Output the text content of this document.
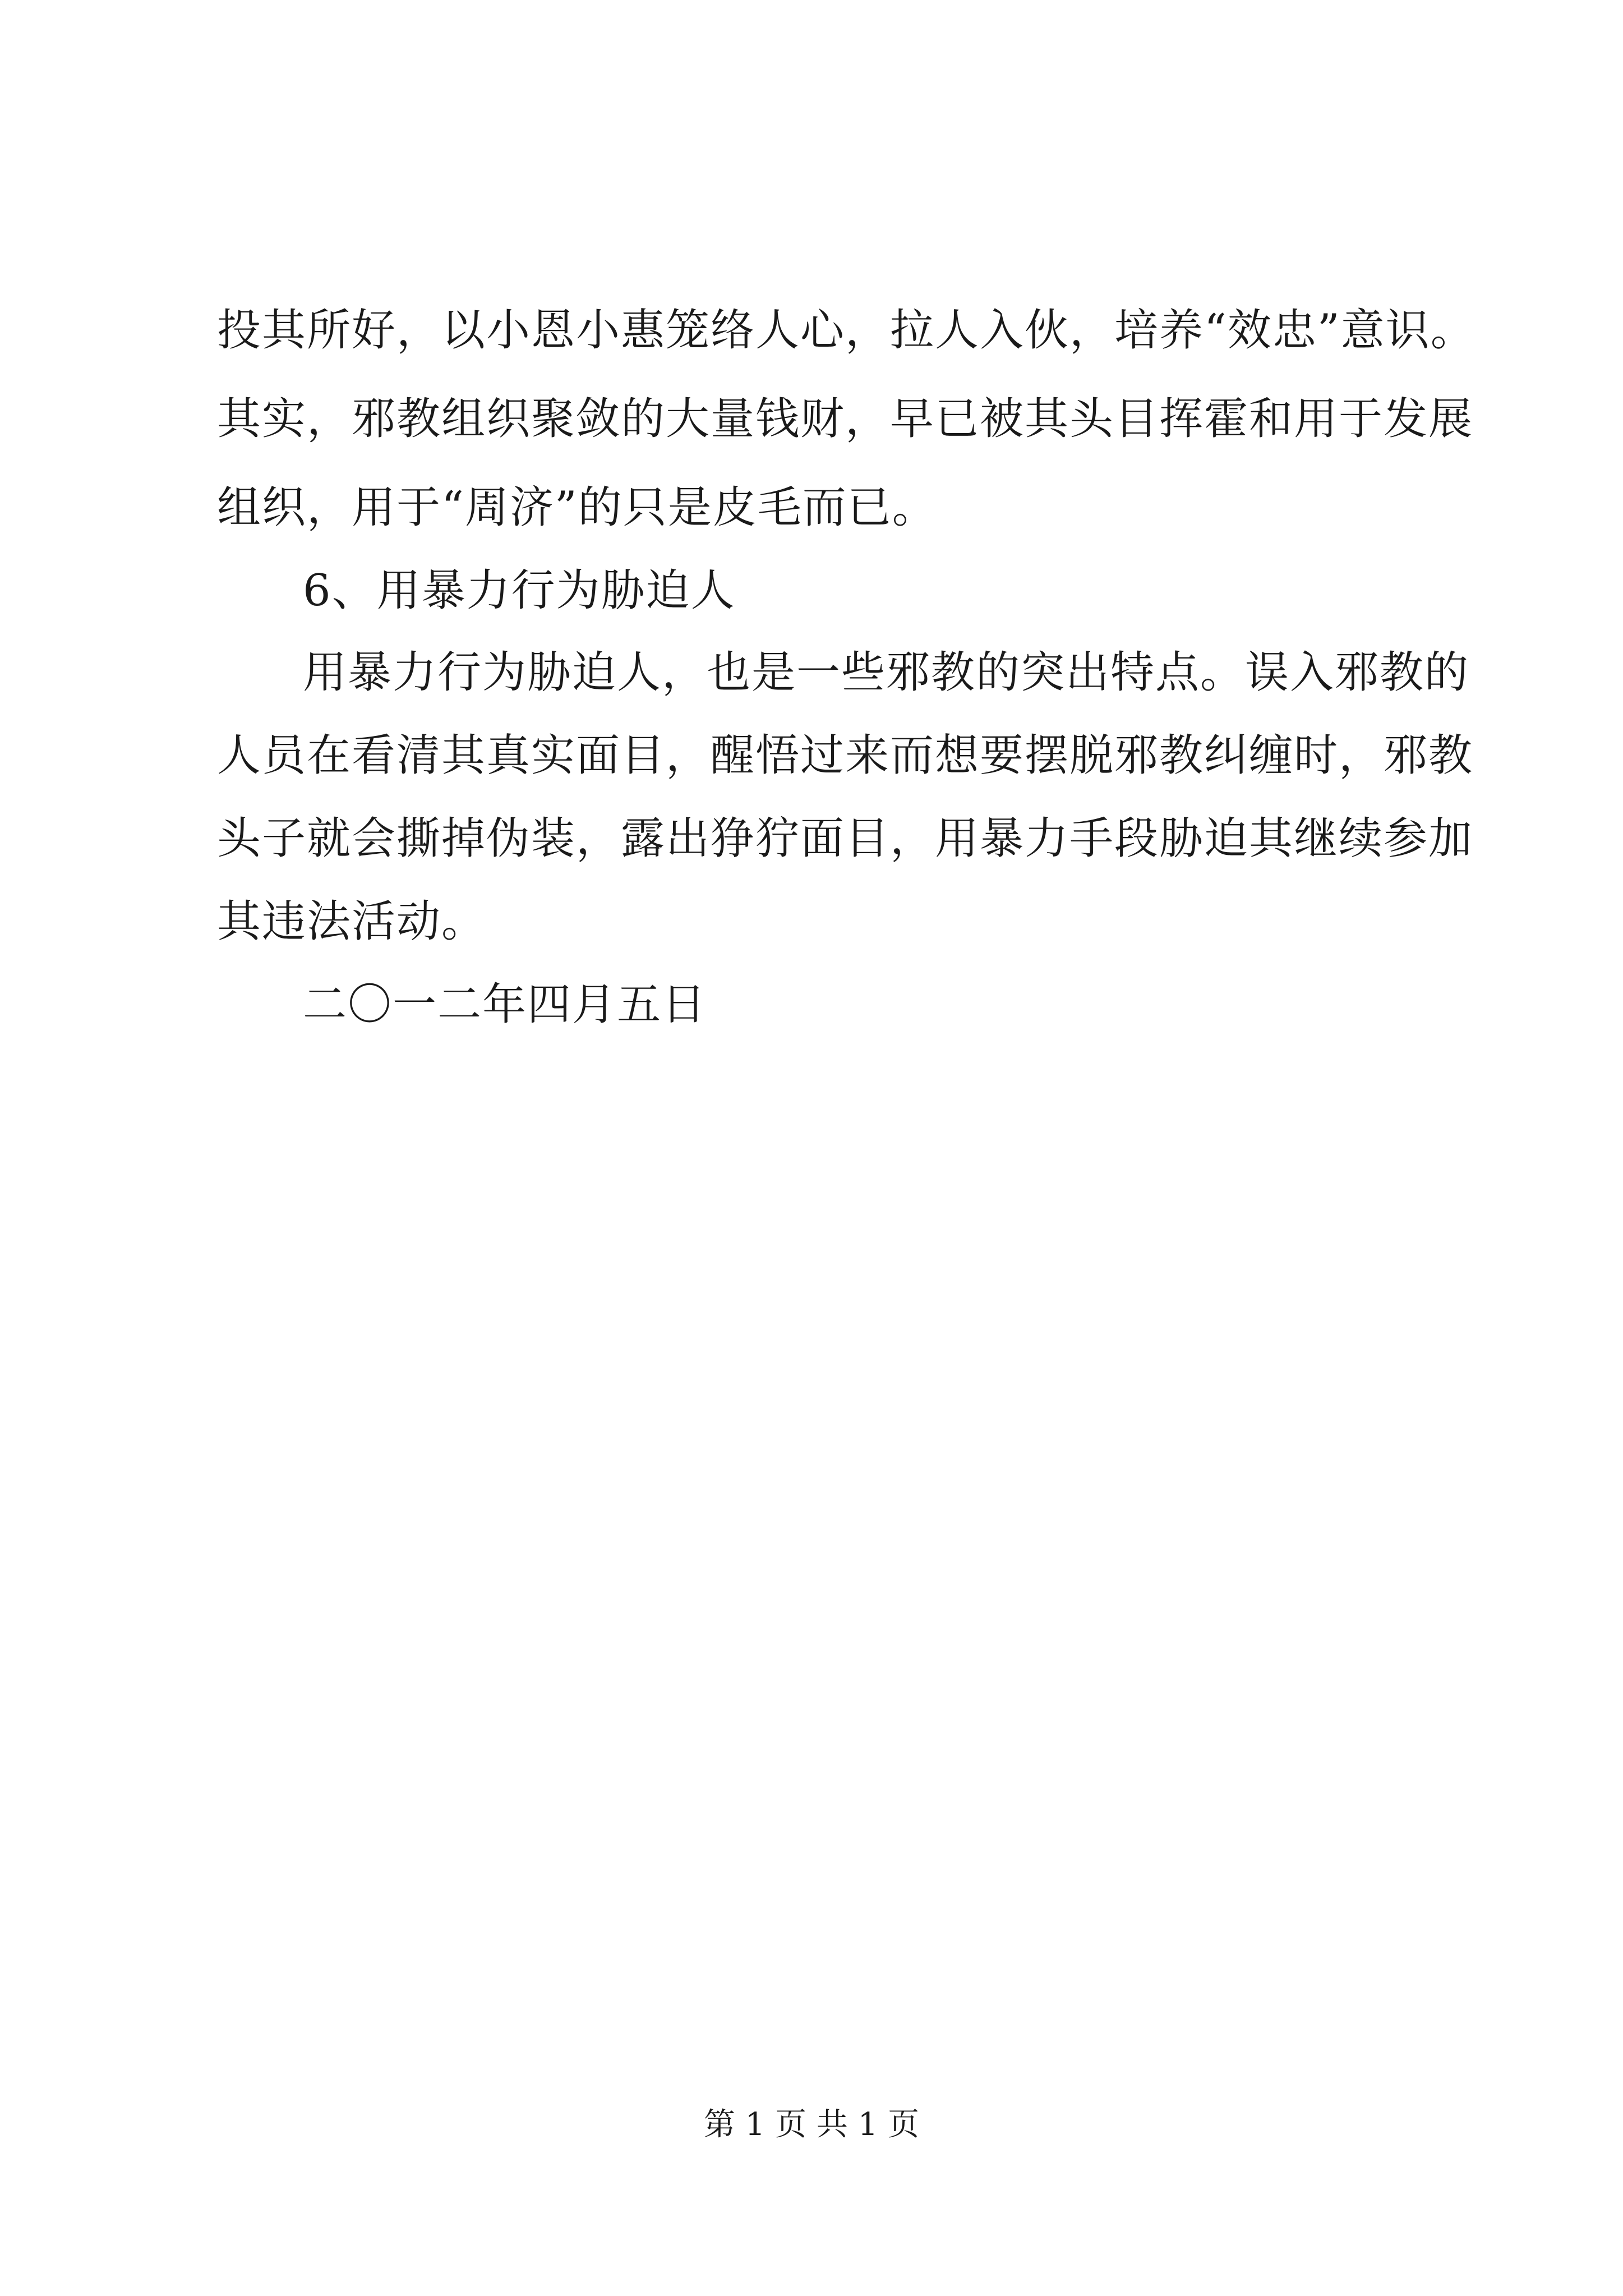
投其所好，以小恩小惠笼络人心，拉人入伙，培养“效忠”意识。
其实，邪教组织聚敛的大量钱财，早已被其头目挥霍和用于发展
组织，用于“周济”的只是皮毛而已。
6、用暴力行为胁迫人
用暴力行为胁迫人，也是一些邪教的突出特点。误入邪教的
人员在看清其真实面目，醒悟过来而想要摆脱邪教纠缠时，邪教
头子就会撕掉伪装，露出狰狞面目，用暴力手段胁迫其继续参加
其违法活动。
二〇一二年四月五日
第 1 页 共 1 页
